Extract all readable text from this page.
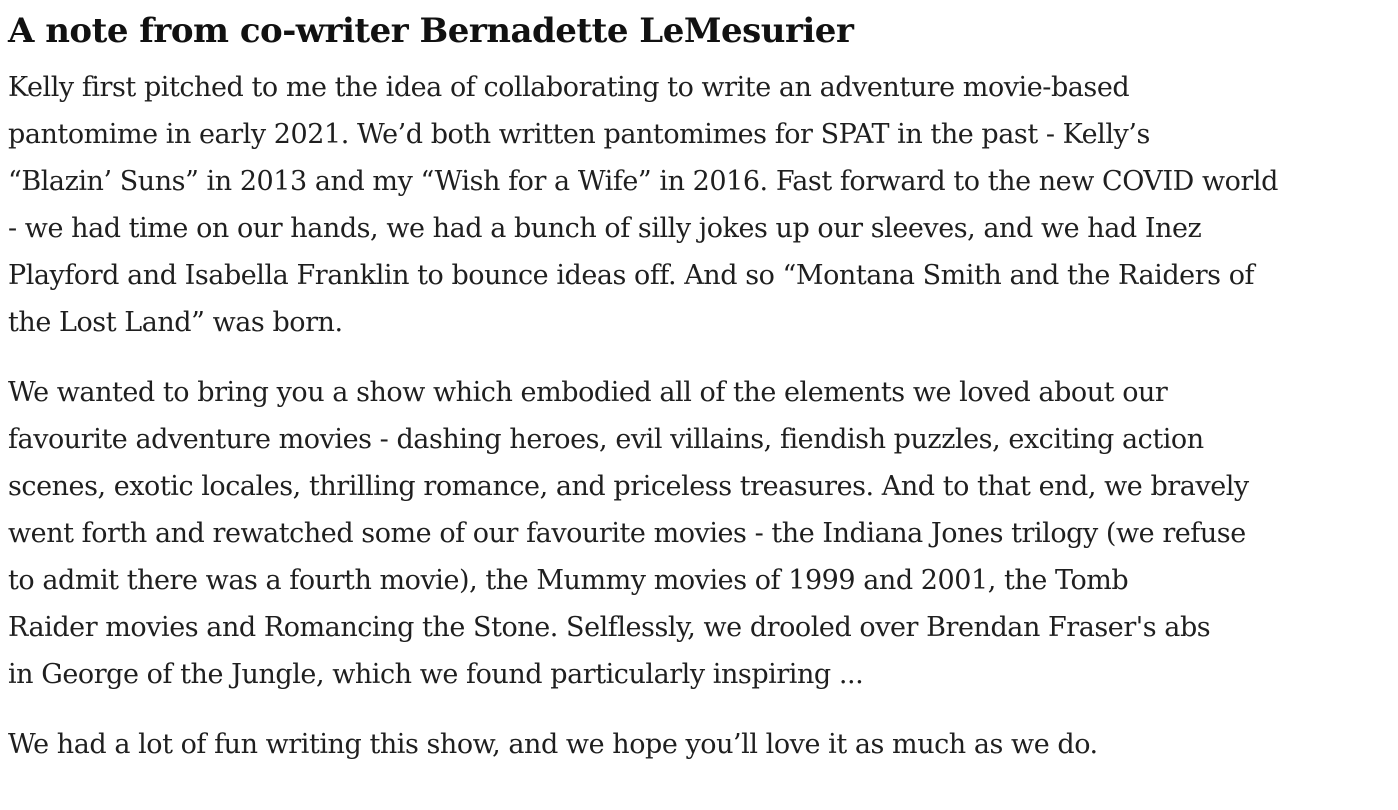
A note from co-writer Bernadette LeMesurier

Kelly first pitched to me the idea of collaborating to write an adventure movie-based
pantomime in early 2021. We’d both written pantomimes for SPAT in the past - Kelly’s
“Blazin’ Suns” in 2013 and my “Wish for a Wife” in 2016. Fast forward to the new COVID world
- we had time on our hands, we had a bunch of silly jokes up our sleeves, and we had Inez
Playford and Isabella Franklin to bounce ideas off. And so “Montana Smith and the Raiders of
the Lost Land” was born.

We wanted to bring you a show which embodied all of the elements we loved about our
favourite adventure movies - dashing heroes, evil villains, fiendish puzzles, exciting action
scenes, exotic locales, thrilling romance, and priceless treasures. And to that end, we bravely
went forth and rewatched some of our favourite movies - the Indiana Jones trilogy (we refuse
to admit there was a fourth movie), the Mummy movies of 1999 and 2001, the Tomb
Raider movies and Romancing the Stone. Selflessly, we drooled over Brendan Fraser's abs
in George of the Jungle, which we found particularly inspiring ...

We had a lot of fun writing this show, and we hope you’ll love it as much as we do.
